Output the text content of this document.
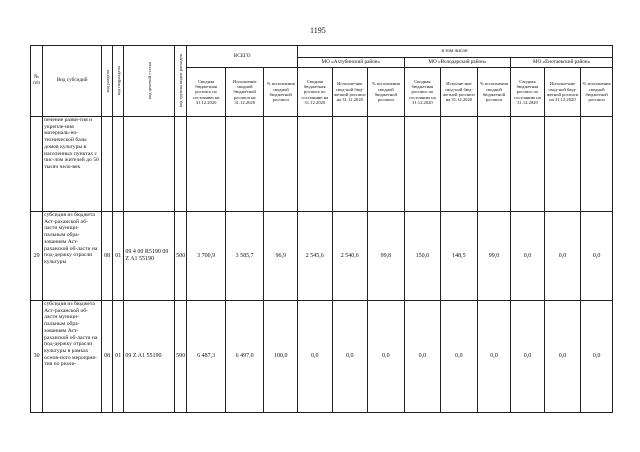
1195
№ п/п	Вид субсидий	код раздела	код подраздела	код целевой статьи	код группы видов расходов	ВСЕГО			в том числе:								
									МО «Ахтубинский район»			МО «Володарский район»			МО «Енотаевский район»		
						Сводная бюджетная роспись по состоянию на 31.12.2020	Исполнение сводной бюджетной росписи на 31.12.2020	% исполнения сводной бюджетной росписи	Сводная бюджетная роспись по состоянию на 31.12.2020	Исполне-ние свод-ной бюд-жетной росписи на 31.12.2020	% исполнения сводной бюджетной росписи	Сводная бюджетная роспись по состоянию на 31.12.2020	Исполне-ние свод-ной бюд-жетной росписи на 31.12.2020	% исполнения сводной бюджетной росписи	Сводная бюджетная роспись по состоянию на 31.12.2020	Исполне-ние свод-ной бюд-жетной росписи на 31.12.2020	% исполнения сводной бюджетной росписи
	печение разви-тия и укрепле-ния материаль-но-технической базы домов культуры в населенных пунктах с чис-лом жителей до 50 тысяч чело-век																
29	субсидия из бюджета Аст-раханской об-ласти муници-пальным обра-зованиям Аст-раханской об-ласти на под-держку отрасли культуры	08	01	09 4 00 R5190 09 Z A1 55190	500	3 700,9	3 585,7	96,9	2 545,6	2 540,6	99,8	150,0	148,5	99,0	0,0	0,0	0,0
30	субсидия из бюджета Аст-раханской об-ласти муници-пальным обра-зованиям Аст-раханской об-ласти на под-держку отрасли культуры в рамках основ-ного мероприя-тия по реали-	08	01	09 Z A1 55190	500	6 487,3	6 497,0	100,0	0,0	0,0	0,0	0,0	0,0	0,0	0,0	0,0	0,0
